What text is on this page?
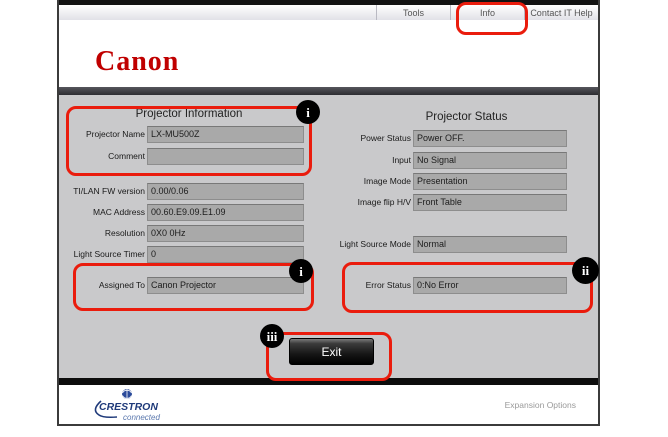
Tools	Info	Contact IT Help
Canon
Projector Information
Projector Name LX-MU500Z
Comment
TI/LAN FW version 0.00/0.06
MAC Address 00.60.E9.09.E1.09
Resolution 0X0 0Hz
Light Source Timer 0
Assigned To Canon Projector
Projector Status
Power Status Power OFF.
Input No Signal
Image Mode Presentation
Image flip H/V Front Table
Light Source Mode Normal
Error Status 0:No Error
Exit
CRESTRON
connected
Expansion Options
i
i	ii
iii
